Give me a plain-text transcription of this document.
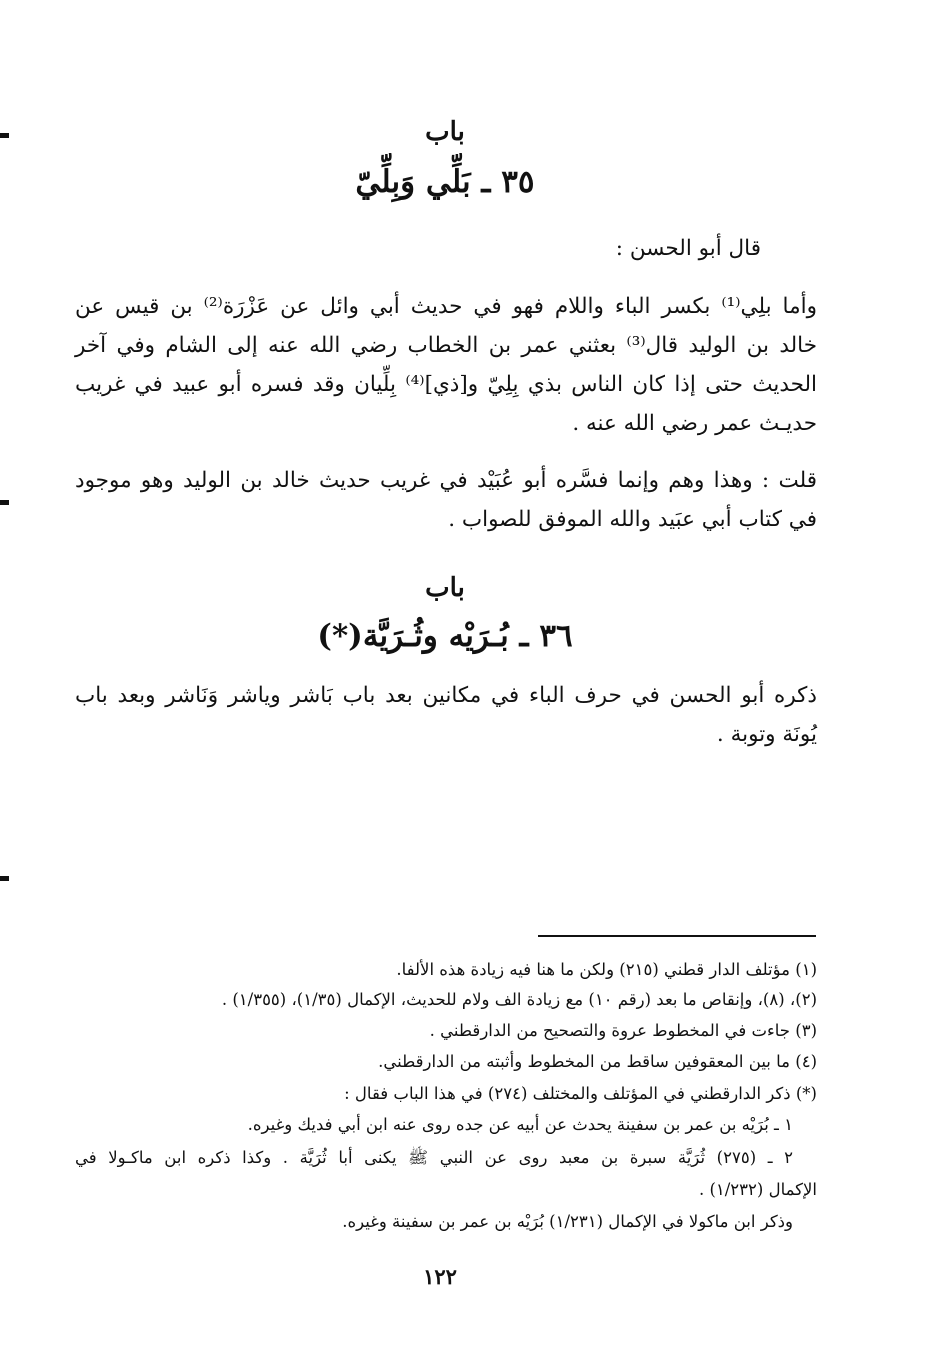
باب
٣٥ ـ بَلِّي وَبِلِّيّ
قال أبو الحسن :
وأما بلِي⁽¹⁾ بكسر الباء واللام فهو في حديث أبي وائل عن عَزْرَة⁽²⁾ بن قيس عن
خالد بن الوليد قال⁽³⁾ بعثني عمر بن الخطاب رضي الله عنه إلى الشام وفي آخر
الحديث حتى إذا كان الناس بذي بِلِيّ و[ذي]⁽⁴⁾ بِلِّيان وقد فسره أبو عبيد في غريب
حديـث عمر رضي الله عنه .
قلت : وهذا وهم وإنما فسَّره أبو عُبَيْد في غريب حديث خالد بن الوليد وهو موجود
في كتاب أبي عبَيد والله الموفق للصواب .
باب
٣٦ ـ بُـرَيْه وثُـرَيَّة(*)
ذكره أبو الحسن في حرف الباء في مكانين بعد باب بَاشر وياشر وَنَاشر وبعد باب
يُونَة وتوبة .
(١) مؤتلف الدار قطني (٢١٥) ولكن ما هنا فيه زيادة هذه الألفا.
(٢)، (٨)، وإنقاص ما بعد (رقم ١٠) مع زيادة الف ولام للحديث، الإكمال (١/٣٥)، (١/٣٥٥) .
(٣) جاءت في المخطوط عروة والتصحيح من الدارقطني .
(٤) ما بين المعقوفين ساقط من المخطوط وأثبته من الدارقطني.
(*) ذكر الدارقطني في المؤتلف والمختلف (٢٧٤) في هذا الباب فقال :
١ ـ بُرَيْه بن عمر بن سفينة يحدث عن أبيه عن جده روى عنه ابن أبي فديك وغيره.
٢ ـ (٢٧٥) ثُرَيَّة سبرة بن معبد روى عن النبي ﷺ يكنى أبا ثُرَيَّة . وكذا ذكره ابن ماكـولا في
الإكمال (١/٢٣٢) .
وذكر ابن ماكولا في الإكمال (١/٢٣١) بُرَيْه بن عمر بن سفينة وغيره.
١٢٢
